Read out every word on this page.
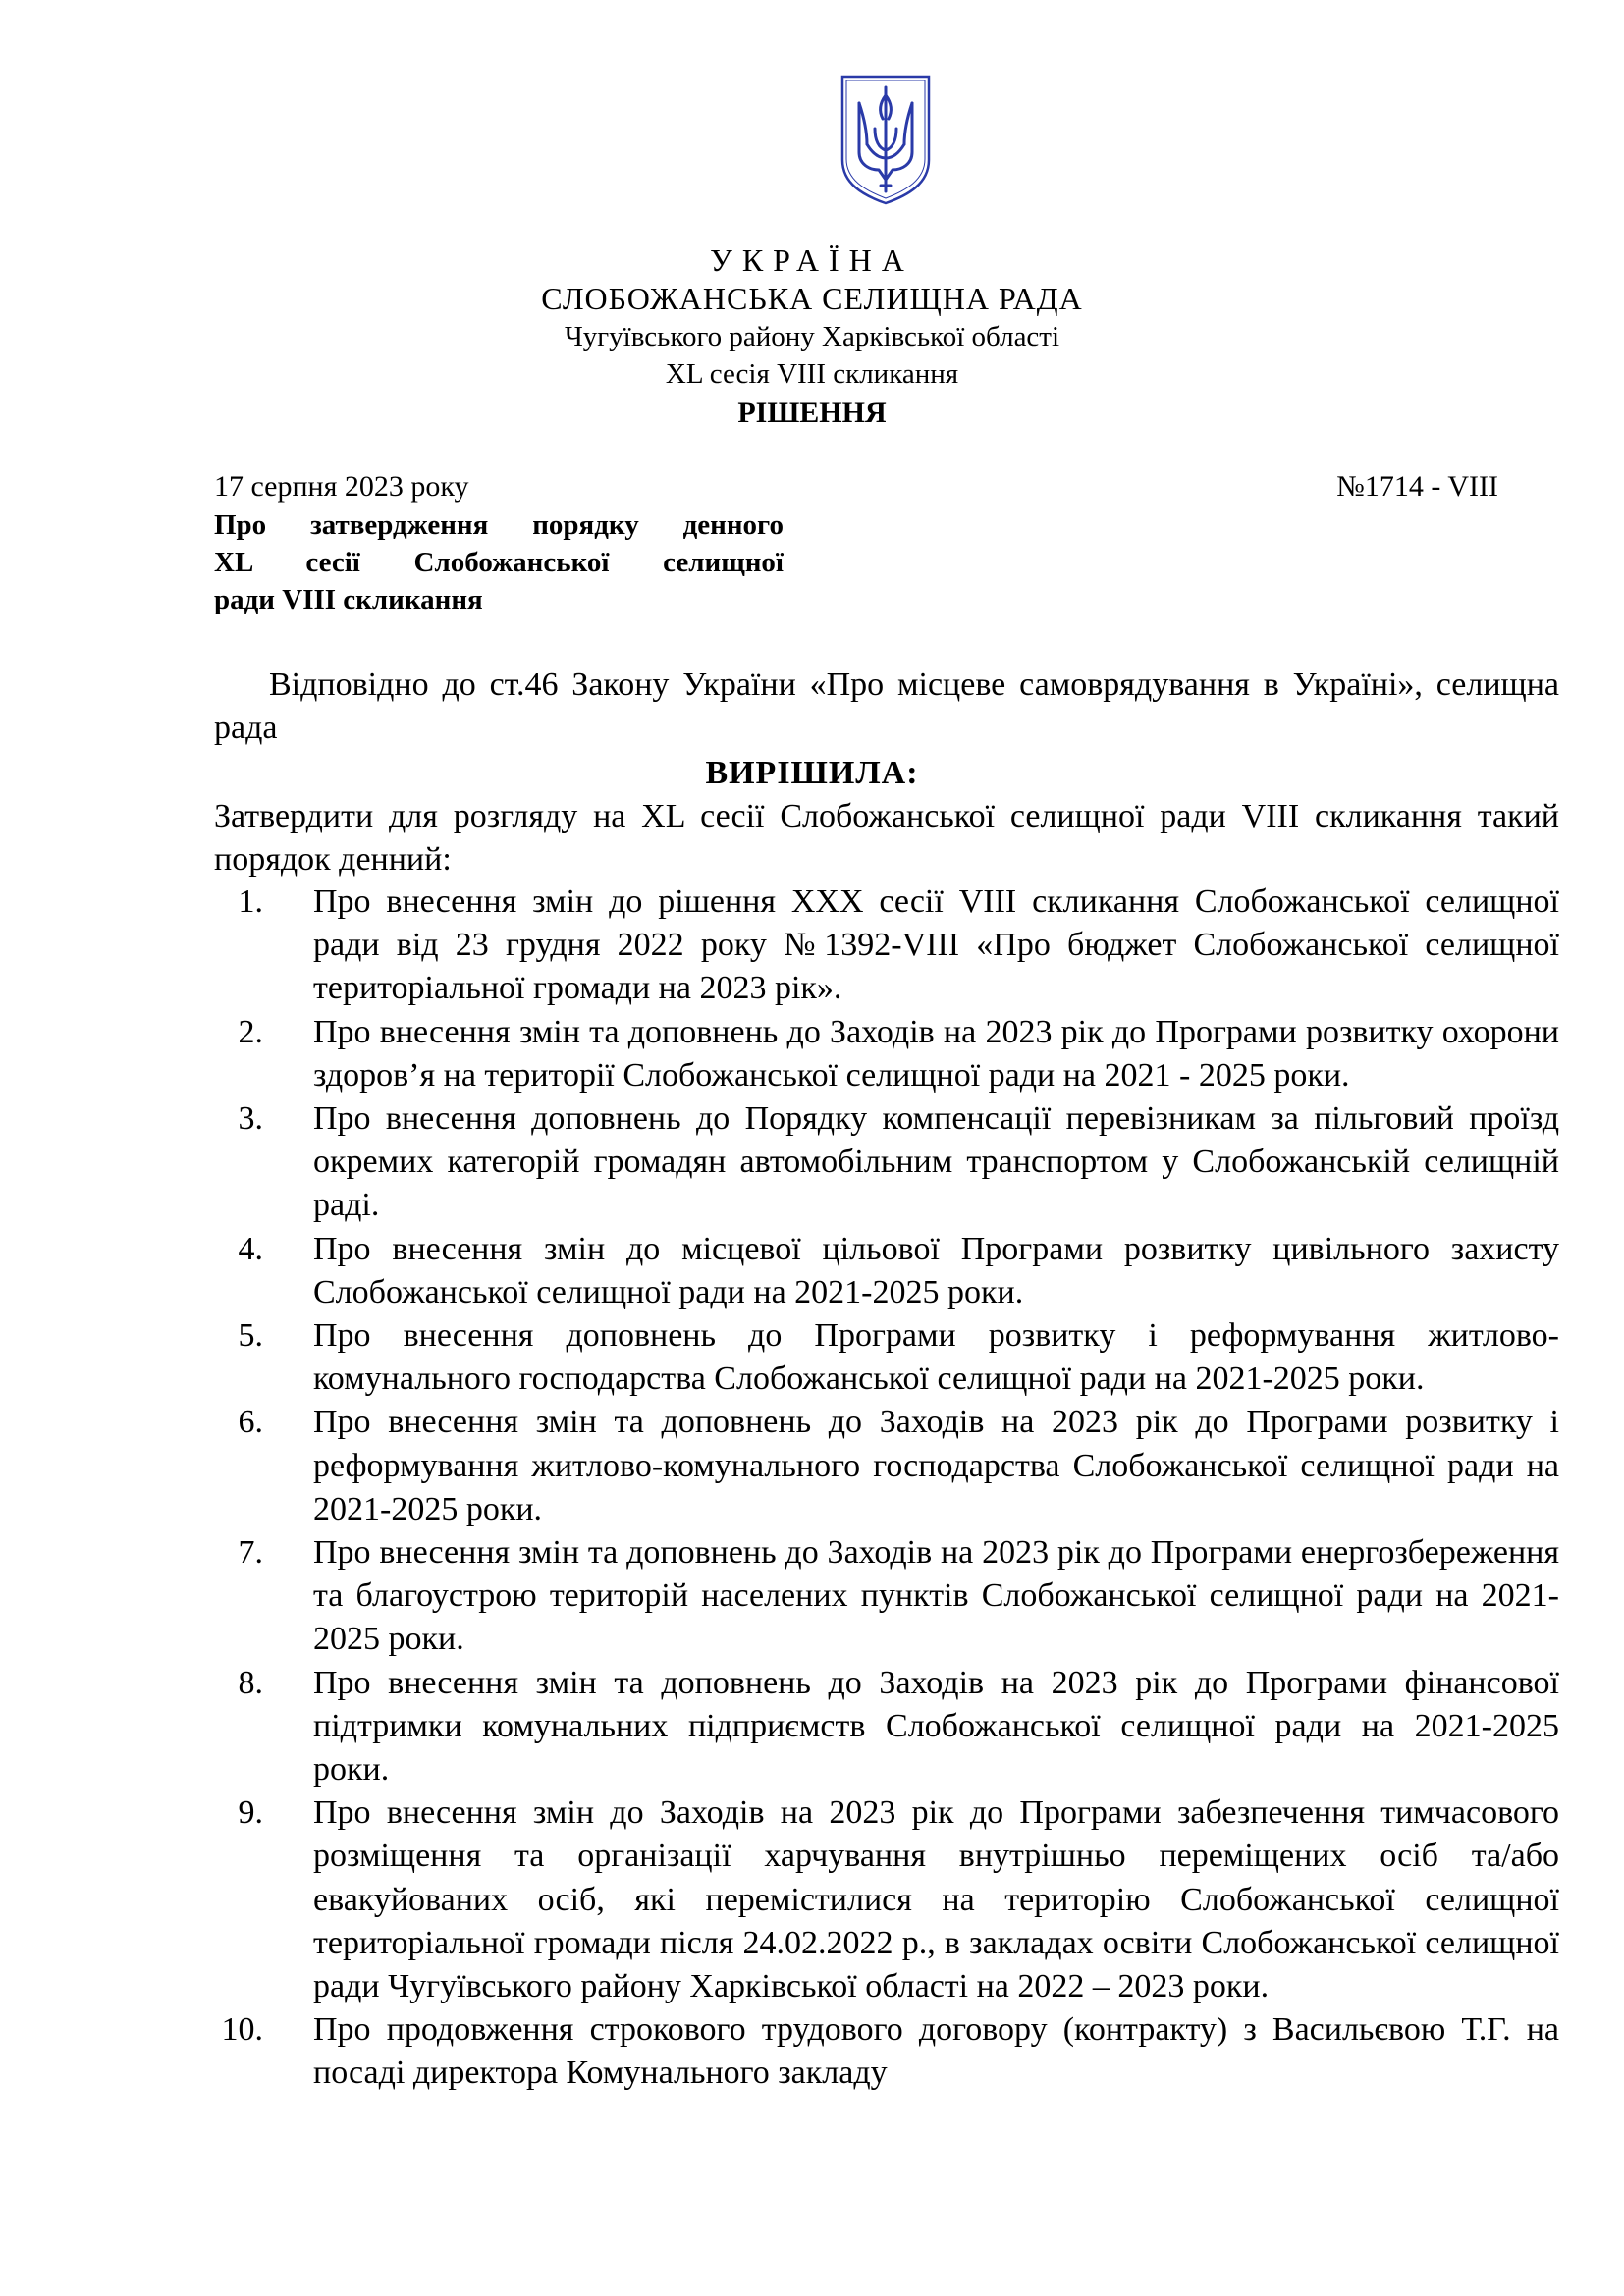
УКРАЇНА
СЛОБОЖАНСЬКА СЕЛИЩНА РАДА
Чугуївського району Харківської області
XL сесія VIII скликання
РІШЕННЯ
17 серпня 2023 року	№1714 - VIII
Про затвердження порядку денного
XL сесії Слобожанської селищної
ради VIII скликання
Відповідно до ст.46 Закону України «Про місцеве самоврядування в Україні», селищна рада
ВИРІШИЛА:
Затвердити для розгляду на XL сесії Слобожанської селищної ради VIII скликання такий порядок денний:
1. Про внесення змін до рішення XXX сесії VIII скликання Слобожанської селищної ради від 23 грудня 2022 року №1392-VIII «Про бюджет Слобожанської селищної територіальної громади на 2023 рік».
2. Про внесення змін та доповнень до Заходів на 2023 рік до Програми розвитку охорони здоров’я на території Слобожанської селищної ради на 2021 - 2025 роки.
3. Про внесення доповнень до Порядку компенсації перевізникам за пільговий проїзд окремих категорій громадян автомобільним транспортом у Слобожанській селищній раді.
4. Про внесення змін до місцевої цільової Програми розвитку цивільного захисту Слобожанської селищної ради на 2021-2025 роки.
5. Про внесення доповнень до Програми розвитку і реформування житлово-комунального господарства Слобожанської селищної ради на 2021-2025 роки.
6. Про внесення змін та доповнень до Заходів на 2023 рік до Програми розвитку і реформування житлово-комунального господарства Слобожанської селищної ради на 2021-2025 роки.
7. Про внесення змін та доповнень до Заходів на 2023 рік до Програми енергозбереження та благоустрою територій населених пунктів Слобожанської селищної ради на 2021-2025 роки.
8. Про внесення змін та доповнень до Заходів на 2023 рік до Програми фінансової підтримки комунальних підприємств Слобожанської селищної ради на 2021-2025 роки.
9. Про внесення змін до Заходів на 2023 рік до Програми забезпечення тимчасового розміщення та організації харчування внутрішньо переміщених осіб та/або евакуйованих осіб, які перемістилися на територію Слобожанської селищної територіальної громади після 24.02.2022 р., в закладах освіти Слобожанської селищної ради Чугуївського району Харківської області на 2022 – 2023 роки.
10. Про продовження строкового трудового договору (контракту) з Васильєвою Т.Г. на посаді директора Комунального закладу
